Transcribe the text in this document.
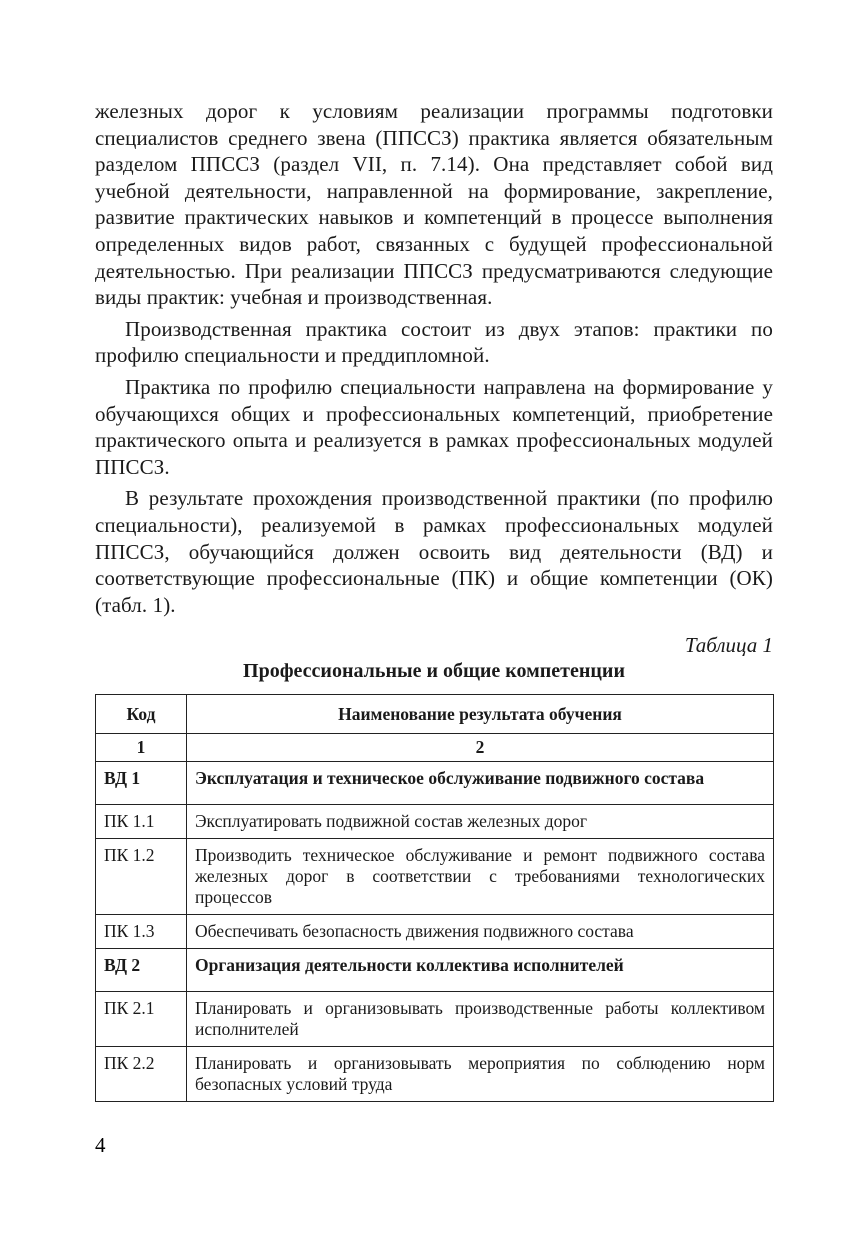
железных дорог к условиям реализации программы подготовки специалистов среднего звена (ППССЗ) практика является обязательным разделом ППССЗ (раздел VII, п. 7.14). Она представляет собой вид учебной деятельности, направленной на формирование, закрепление, развитие практических навыков и компетенций в процессе выполнения определенных видов работ, связанных с будущей профессиональной деятельностью. При реализации ППССЗ предусматриваются следующие виды практик: учебная и производственная.

Производственная практика состоит из двух этапов: практики по профилю специальности и преддипломной.

Практика по профилю специальности направлена на формирование у обучающихся общих и профессиональных компетенций, приобретение практического опыта и реализуется в рамках профессиональных модулей ППССЗ.

В результате прохождения производственной практики (по профилю специальности), реализуемой в рамках профессиональных модулей ППССЗ, обучающийся должен освоить вид деятельности (ВД) и соответствующие профессиональные (ПК) и общие компетенции (ОК) (табл. 1).

Таблица 1
Профессиональные и общие компетенции
Код	Наименование результата обучения
1	2
ВД 1	Эксплуатация и техническое обслуживание подвижного состава
ПК 1.1	Эксплуатировать подвижной состав железных дорог
ПК 1.2	Производить техническое обслуживание и ремонт подвижного состава железных дорог в соответствии с требованиями технологических процессов
ПК 1.3	Обеспечивать безопасность движения подвижного состава
ВД 2	Организация деятельности коллектива исполнителей
ПК 2.1	Планировать и организовывать производственные работы коллективом исполнителей
ПК 2.2	Планировать и организовывать мероприятия по соблюдению норм безопасных условий труда
4
